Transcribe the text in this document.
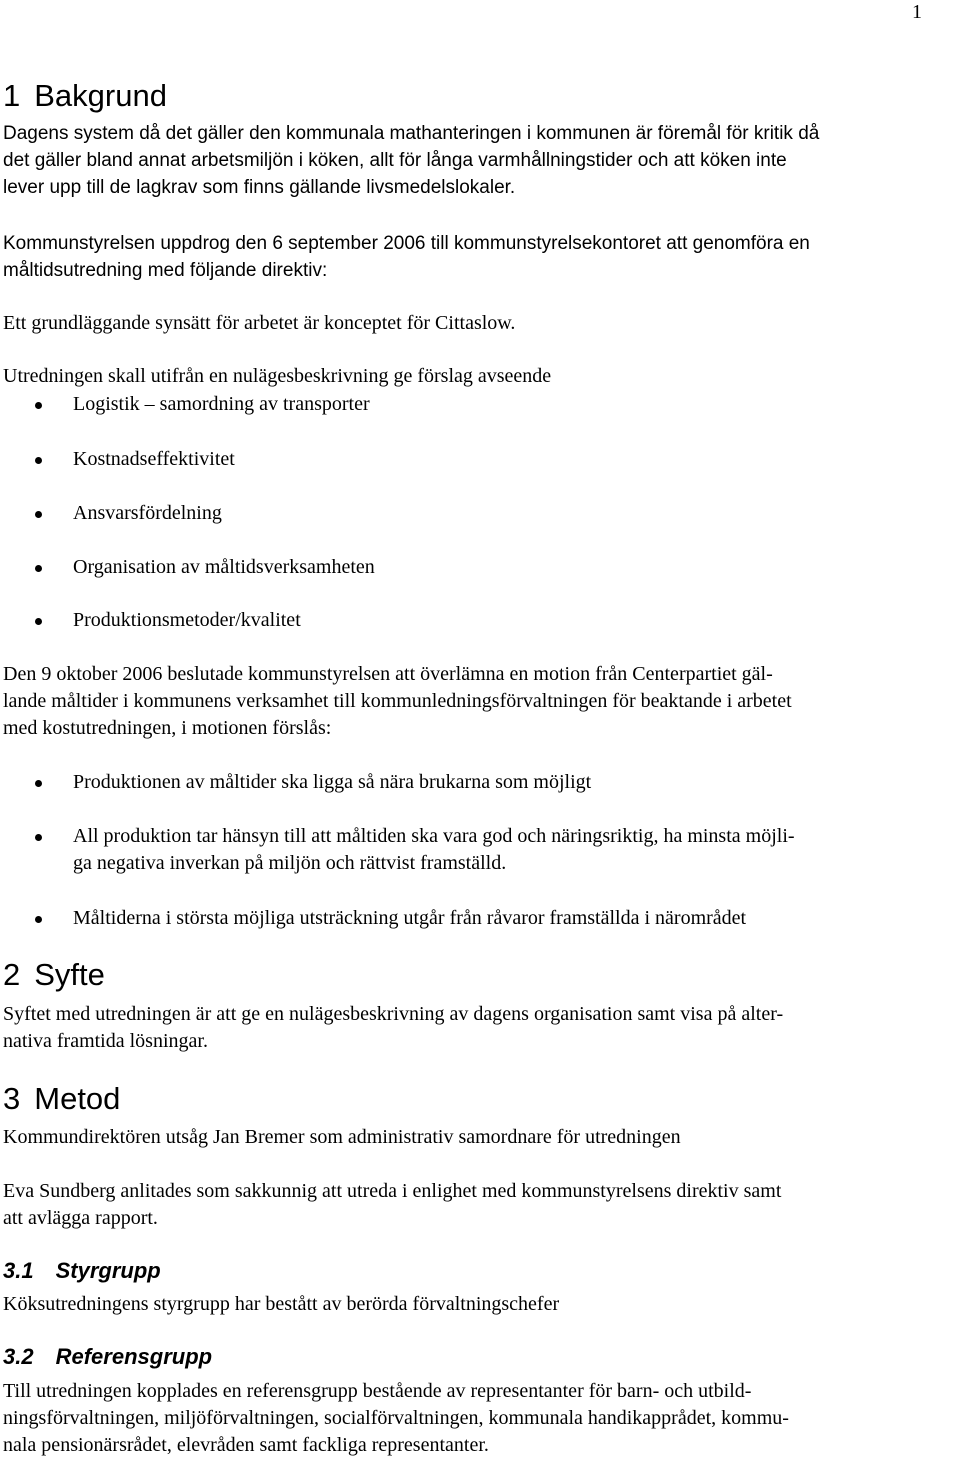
1
1 Bakgrund

Dagens system då det gäller den kommunala mathanteringen i kommunen är föremål för kritik då
det gäller bland annat arbetsmiljön i köken, allt för långa varmhållningstider och att köken inte
lever upp till de lagkrav som finns gällande livsmedelslokaler.

Kommunstyrelsen uppdrog den 6 september 2006 till kommunstyrelsekontoret att genomföra en
måltidsutredning med följande direktiv:

Ett grundläggande synsätt för arbetet är konceptet för Cittaslow.

Utredningen skall utifrån en nulägesbeskrivning ge förslag avseende

Logistik – samordning av transporter
Kostnadseffektivitet
Ansvarsfördelning
Organisation av måltidsverksamheten
Produktionsmetoder/kvalitet

Den 9 oktober 2006 beslutade kommunstyrelsen att överlämna en motion från Centerpartiet gäl-
lande måltider i kommunens verksamhet till kommunledningsförvaltningen för beaktande i arbetet
med kostutredningen, i motionen förslås:

Produktionen av måltider ska ligga så nära brukarna som möjligt
All produktion tar hänsyn till att måltiden ska vara god och näringsriktig, ha minsta möjli-
ga negativa inverkan på miljön och rättvist framställd.
Måltiderna i största möjliga utsträckning utgår från råvaror framställda i närområdet
2 Syfte

Syftet med utredningen är att ge en nulägesbeskrivning av dagens organisation samt visa på alter-
nativa framtida lösningar.

3 Metod

Kommundirektören utsåg Jan Bremer som administrativ samordnare för utredningen

Eva Sundberg anlitades som sakkunnig att utreda i enlighet med kommunstyrelsens direktiv samt
att avlägga rapport.

3.1 Styrgrupp

Köksutredningens styrgrupp har bestått av berörda förvaltningschefer

3.2 Referensgrupp

Till utredningen kopplades en referensgrupp bestående av representanter för barn- och utbild-
ningsförvaltningen, miljöförvaltningen, socialförvaltningen, kommunala handikapprådet, kommu-
nala pensionärsrådet, elevråden samt fackliga representanter.
